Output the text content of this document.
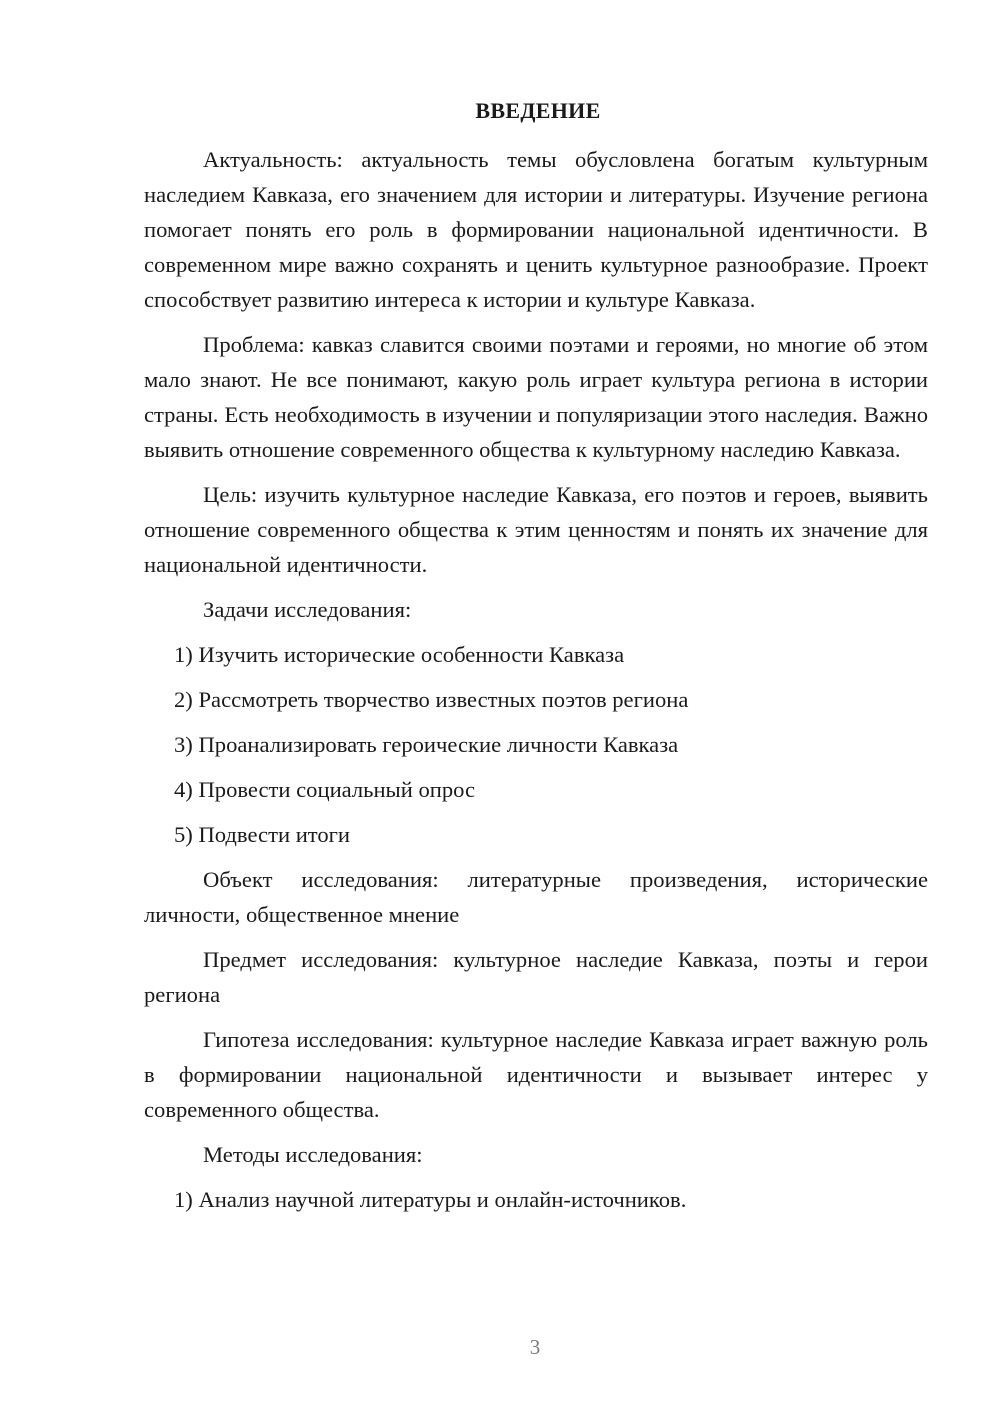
ВВЕДЕНИЕ

Актуальность: актуальность темы обусловлена богатым культурным наследием Кавказа, его значением для истории и литературы. Изучение региона помогает понять его роль в формировании национальной идентичности. В современном мире важно сохранять и ценить культурное разнообразие. Проект способствует развитию интереса к истории и культуре Кавказа.

Проблема: кавказ славится своими поэтами и героями, но многие об этом мало знают. Не все понимают, какую роль играет культура региона в истории страны. Есть необходимость в изучении и популяризации этого наследия. Важно выявить отношение современного общества к культурному наследию Кавказа.

Цель: изучить культурное наследие Кавказа, его поэтов и героев, выявить отношение современного общества к этим ценностям и понять их значение для национальной идентичности.

Задачи исследования:

1) Изучить исторические особенности Кавказа

2) Рассмотреть творчество известных поэтов региона

3) Проанализировать героические личности Кавказа

4) Провести социальный опрос

5) Подвести итоги

Объект исследования: литературные произведения, исторические личности, общественное мнение

Предмет исследования: культурное наследие Кавказа, поэты и герои региона

Гипотеза исследования: культурное наследие Кавказа играет важную роль в формировании национальной идентичности и вызывает интерес у современного общества.

Методы исследования:

1) Анализ научной литературы и онлайн-источников.

3
